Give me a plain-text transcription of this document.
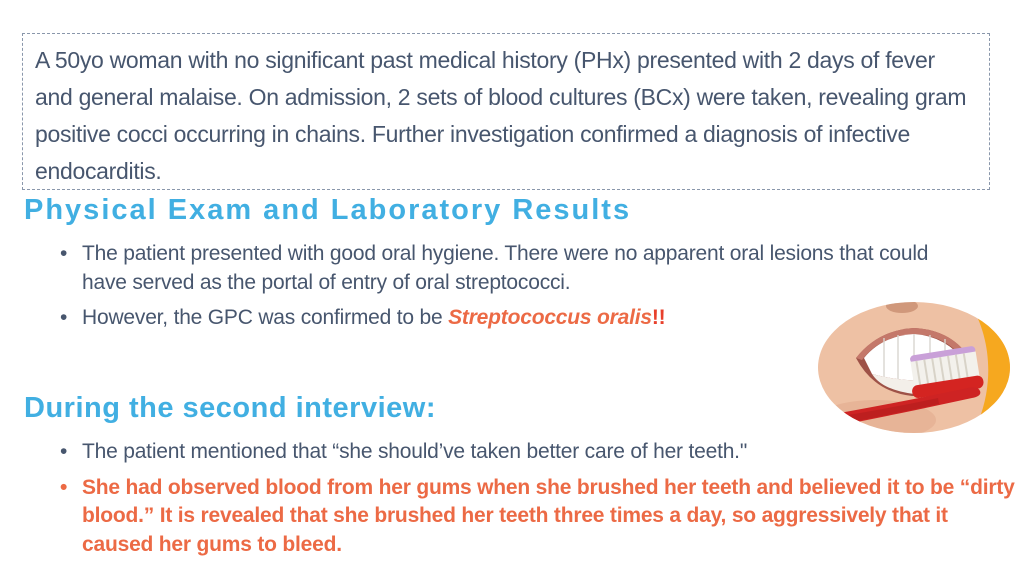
A 50yo woman with no significant past medical history (PHx) presented with 2 days of fever and general malaise. On admission, 2 sets of blood cultures (BCx) were taken, revealing gram positive cocci occurring in chains. Further investigation confirmed a diagnosis of infective endocarditis.
Physical Exam and Laboratory Results
• The patient presented with good oral hygiene. There were no apparent oral lesions that could have served as the portal of entry of oral streptococci.
• However, the GPC was confirmed to be Streptococcus oralis!!
During the second interview:
• The patient mentioned that “she should’ve taken better care of her teeth."
• She had observed blood from her gums when she brushed her teeth and believed it to be “dirty blood.” It is revealed that she brushed her teeth three times a day, so aggressively that it caused her gums to bleed.
